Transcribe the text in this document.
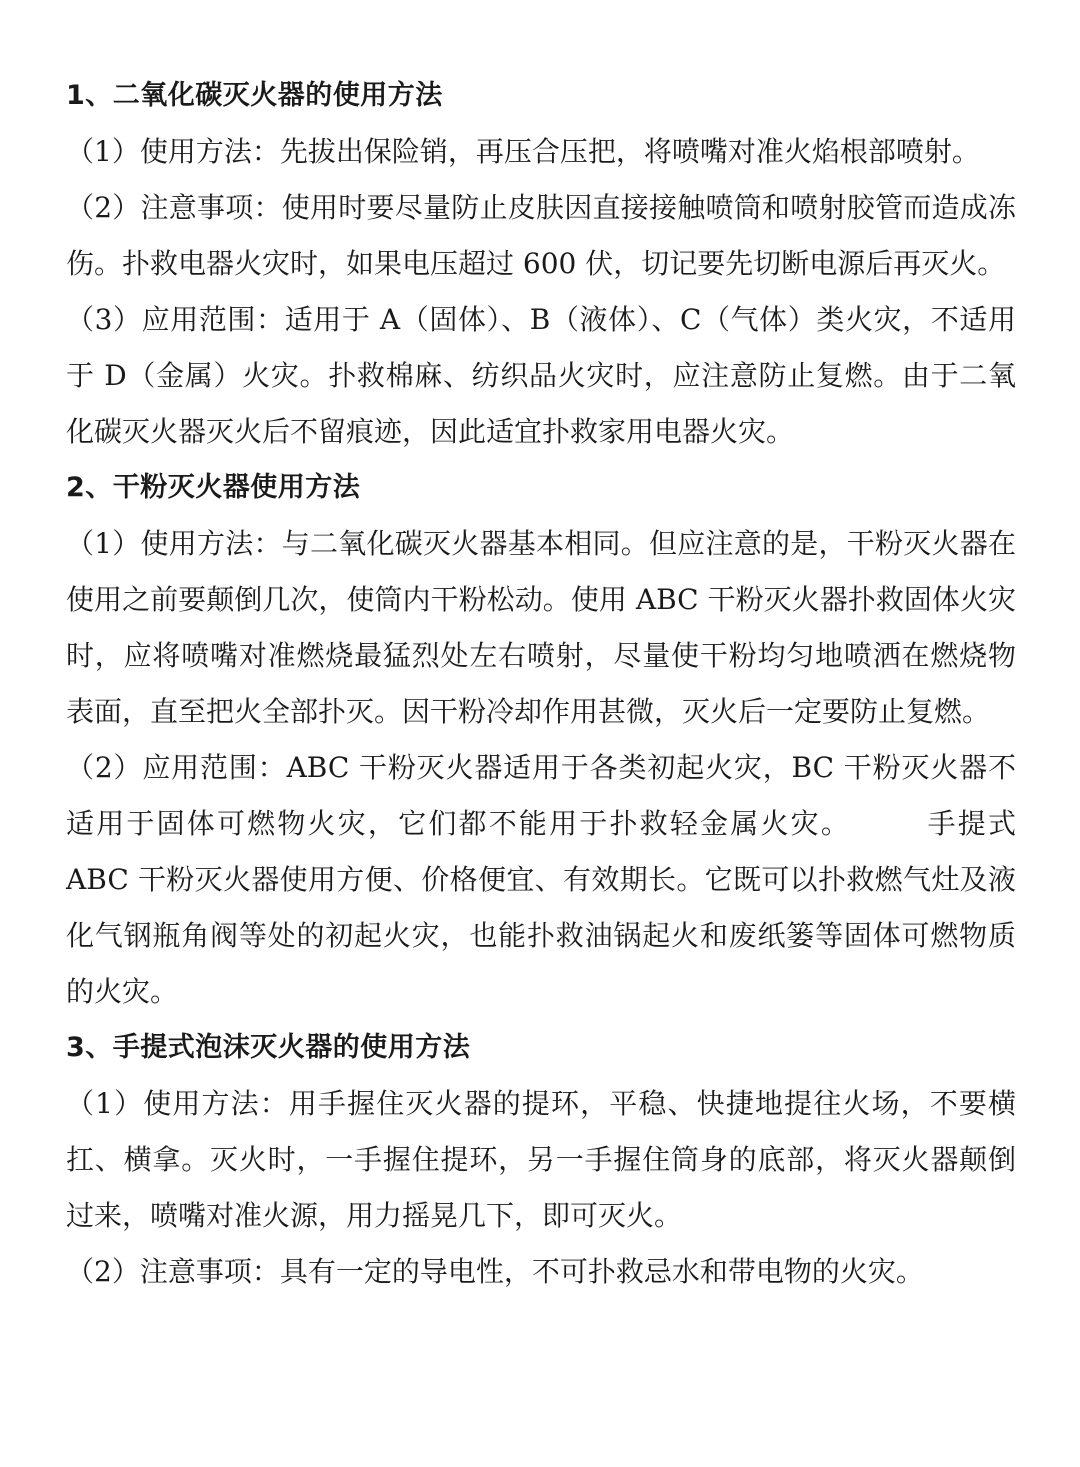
1、二氧化碳灭火器的使用方法

（1）使用方法：先拔出保险销，再压合压把，将喷嘴对准火焰根部喷射。

（2）注意事项：使用时要尽量防止皮肤因直接接触喷筒和喷射胶管而造成冻伤。扑救电器火灾时，如果电压超过 600 伏，切记要先切断电源后再灭火。

（3）应用范围：适用于 A（固体）、B（液体）、C（气体）类火灾，不适用于 D（金属）火灾。扑救棉麻、纺织品火灾时，应注意防止复燃。由于二氧化碳灭火器灭火后不留痕迹，因此适宜扑救家用电器火灾。

2、干粉灭火器使用方法

（1）使用方法：与二氧化碳灭火器基本相同。但应注意的是，干粉灭火器在使用之前要颠倒几次，使筒内干粉松动。使用 ABC 干粉灭火器扑救固体火灾时，应将喷嘴对准燃烧最猛烈处左右喷射，尽量使干粉均匀地喷洒在燃烧物表面，直至把火全部扑灭。因干粉冷却作用甚微，灭火后一定要防止复燃。

（2）应用范围：ABC 干粉灭火器适用于各类初起火灾，BC 干粉灭火器不适用于固体可燃物火灾，它们都不能用于扑救轻金属火灾。　　　手提式 ABC 干粉灭火器使用方便、价格便宜、有效期长。它既可以扑救燃气灶及液化气钢瓶角阀等处的初起火灾，也能扑救油锅起火和废纸篓等固体可燃物质的火灾。

3、手提式泡沫灭火器的使用方法

（1）使用方法：用手握住灭火器的提环，平稳、快捷地提往火场，不要横扛、横拿。灭火时，一手握住提环，另一手握住筒身的底部，将灭火器颠倒过来，喷嘴对准火源，用力摇晃几下，即可灭火。

（2）注意事项：具有一定的导电性，不可扑救忌水和带电物的火灾。
